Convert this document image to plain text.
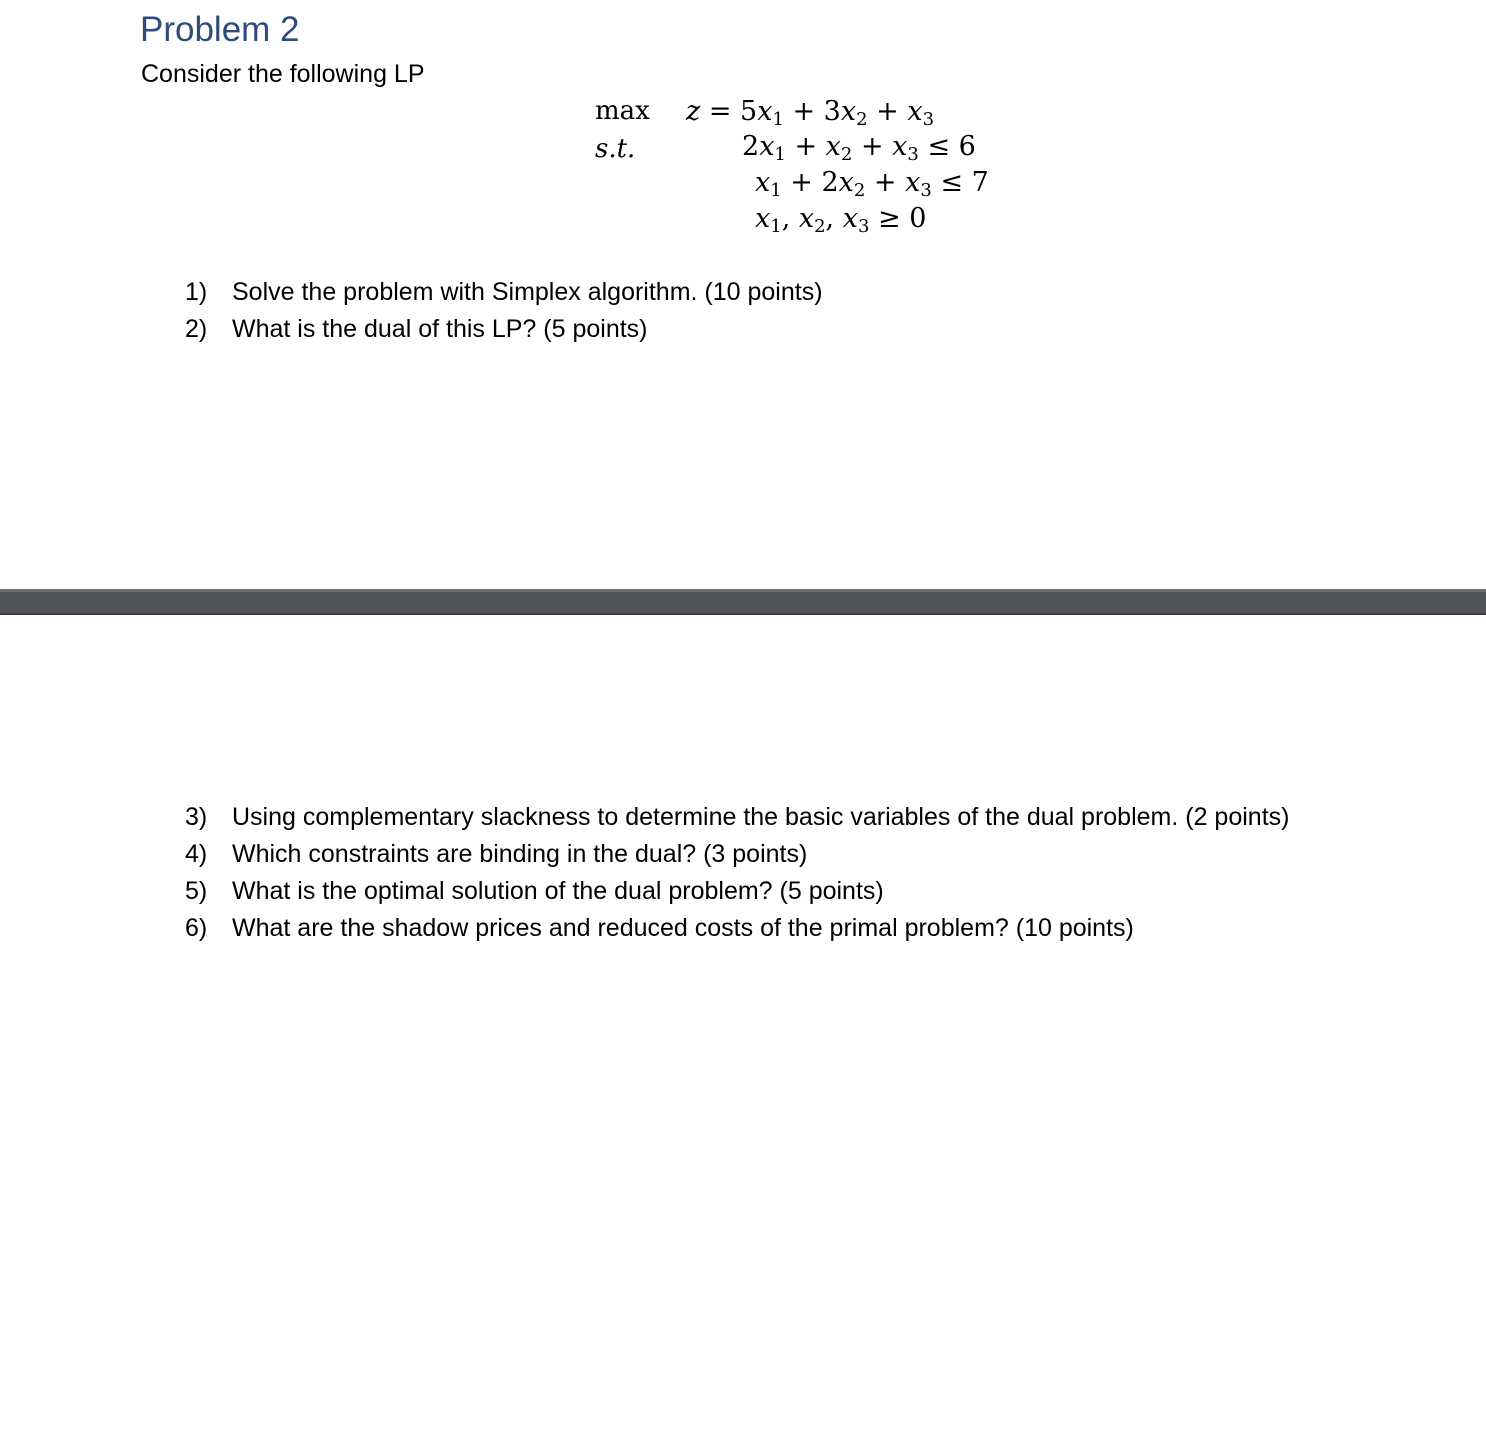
Problem 2
Consider the following LP
max
s.t.
$z = 5x_1 + 3x_2 + x_3$
$2x_1 + x_2 + x_3 \le 6$
$x_1 + 2x_2 + x_3 \le 7$
$x_1$, $x_2$, $x_3 \ge 0$
1) Solve the problem with Simplex algorithm. (10 points)
2) What is the dual of this LP? (5 points)
3) Using complementary slackness to determine the basic variables of the dual problem. (2 points)
4) Which constraints are binding in the dual? (3 points)
5) What is the optimal solution of the dual problem? (5 points)
6) What are the shadow prices and reduced costs of the primal problem? (10 points)
